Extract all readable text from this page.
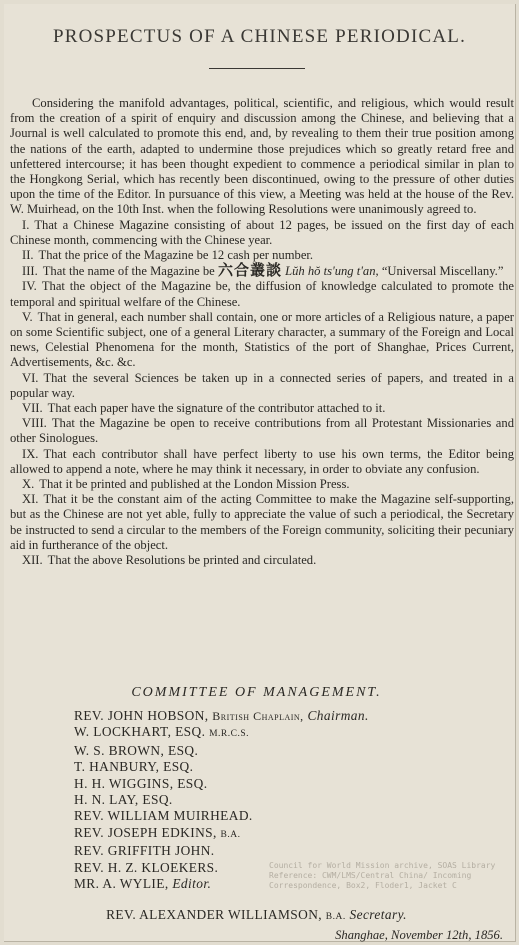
PROSPECTUS OF A CHINESE PERIODICAL.

Considering the manifold advantages, political, scientific, and religious, which would result from the creation of a spirit of enquiry and discussion among the Chinese, and believing that a Journal is well calculated to promote this end, and, by revealing to them their true position among the nations of the earth, adapted to undermine those prejudices which so greatly retard free and unfettered intercourse; it has been thought expedient to commence a periodical similar in plan to the Hongkong Serial, which has recently been discontinued, owing to the pressure of other duties upon the time of the Editor. In pursuance of this view, a Meeting was held at the house of the Rev. W. Muirhead, on the 10th Inst. when the following Resolutions were unanimously agreed to.

I. That a Chinese Magazine consisting of about 12 pages, be issued on the first day of each Chinese month, commencing with the Chinese year.

II. That the price of the Magazine be 12 cash per number.

III. That the name of the Magazine be 六合叢談 Lŭh hŏ ts'ung t'an, “Universal Miscellany.”

IV. That the object of the Magazine be, the diffusion of knowledge calculated to promote the temporal and spiritual welfare of the Chinese.

V. That in general, each number shall contain, one or more articles of a Religious nature, a paper on some Scientific subject, one of a general Literary character, a summary of the Foreign and Local news, Celestial Phenomena for the month, Statistics of the port of Shanghae, Prices Current, Advertisements, &c. &c.

VI. That the several Sciences be taken up in a connected series of papers, and treated in a popular way.

VII. That each paper have the signature of the contributor attached to it.

VIII. That the Magazine be open to receive contributions from all Protestant Missionaries and other Sinologues.

IX. That each contributor shall have perfect liberty to use his own terms, the Editor being allowed to append a note, where he may think it necessary, in order to obviate any confusion.

X. That it be printed and published at the London Mission Press.

XI. That it be the constant aim of the acting Committee to make the Magazine self-supporting, but as the Chinese are not yet able, fully to appreciate the value of such a periodical, the Secretary be instructed to send a circular to the members of the Foreign community, soliciting their pecuniary aid in furtherance of the object.

XII. That the above Resolutions be printed and circulated.

COMMITTEE OF MANAGEMENT.
REV. JOHN HOBSON, British Chaplain, Chairman.
W. LOCKHART, ESQ. M.R.C.S.
W. S. BROWN, ESQ.
T. HANBURY, ESQ.
H. H. WIGGINS, ESQ.
H. N. LAY, ESQ.
REV. WILLIAM MUIRHEAD.
REV. JOSEPH EDKINS, B.A.
REV. GRIFFITH JOHN.
REV. H. Z. KLOEKERS.
MR. A. WYLIE, Editor.
REV. ALEXANDER WILLIAMSON, B.A. Secretary.
Shanghae, November 12th, 1856.
Council for World Mission archive, SOAS Library
Reference: CWM/LMS/Central China/ Incoming
Correspondence, Box2, Floder1, Jacket C
